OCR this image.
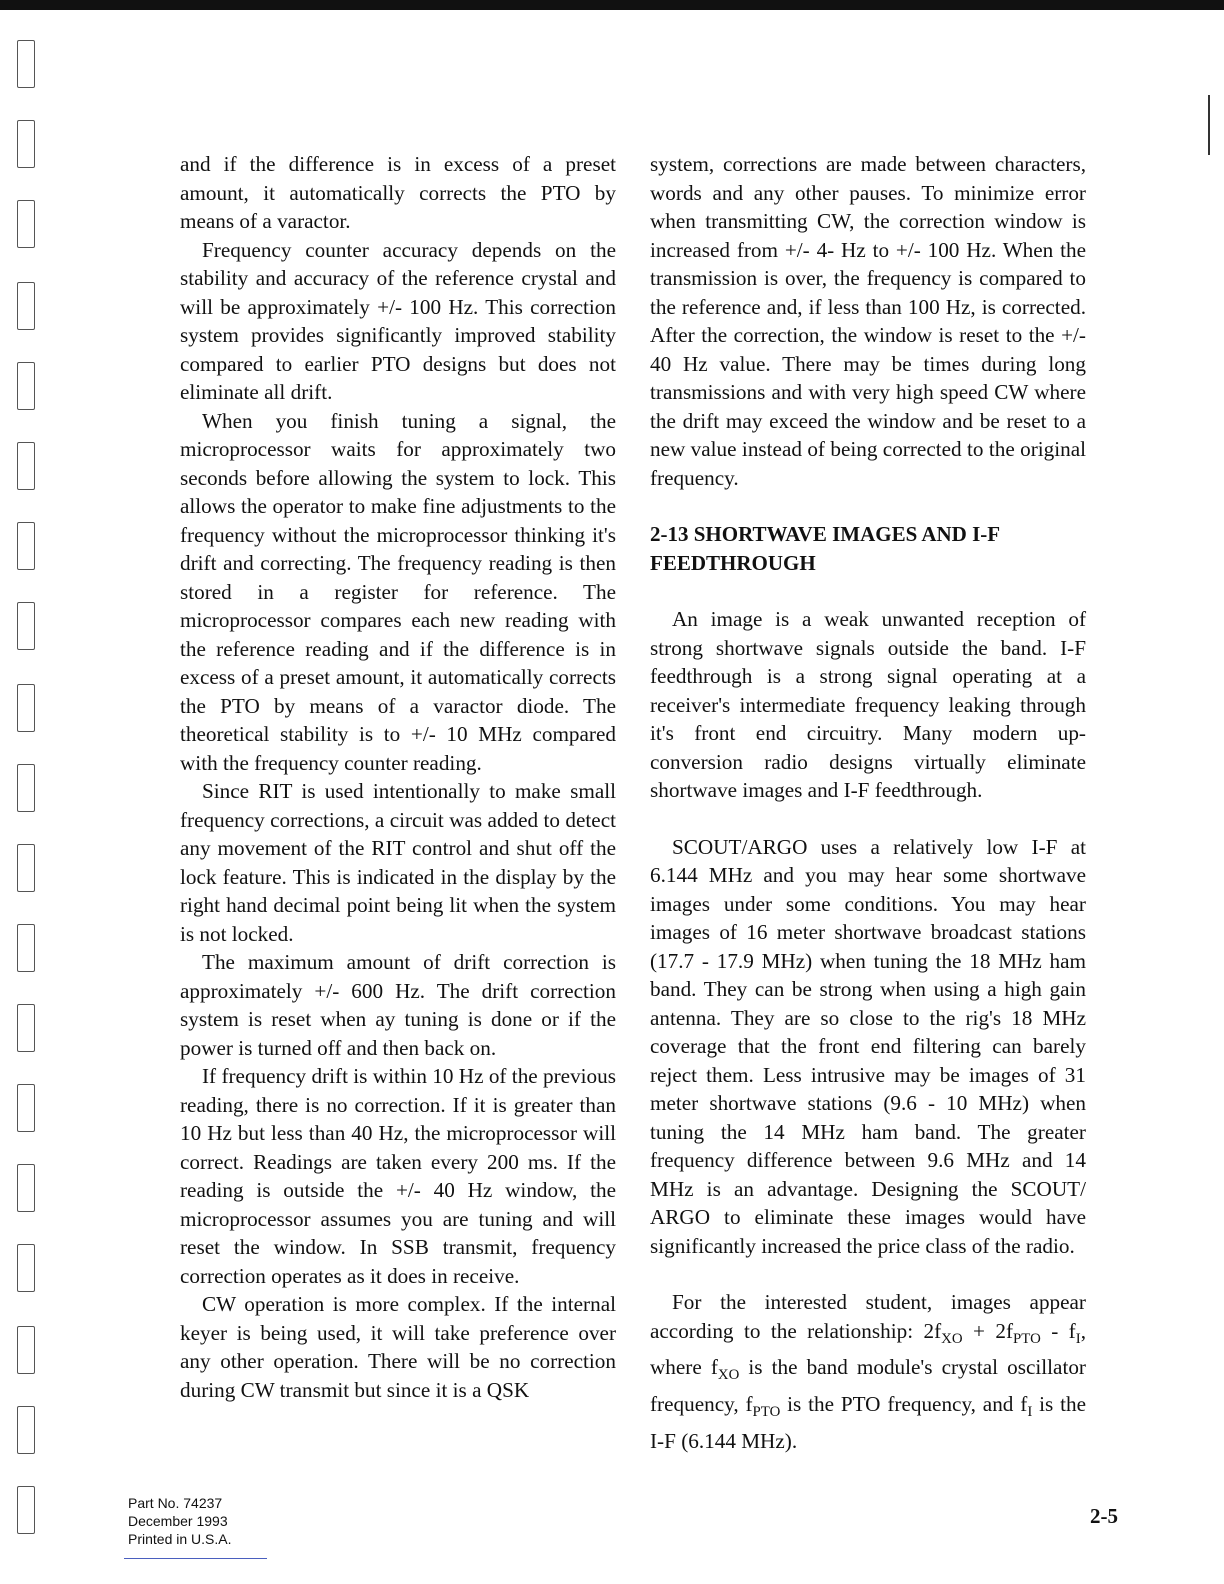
and if the difference is in excess of a preset amount, it automatically corrects the PTO by means of a varactor.

Frequency counter accuracy depends on the stability and accuracy of the reference crystal and will be approximately +/- 100 Hz. This correction system provides significantly improved stability compared to earlier PTO designs but does not eliminate all drift.

When you finish tuning a signal, the microprocessor waits for approximately two seconds before allowing the system to lock. This allows the operator to make fine adjustments to the frequency without the microprocessor thinking it's drift and correcting. The frequency reading is then stored in a register for reference. The microprocessor compares each new reading with the reference reading and if the difference is in excess of a preset amount, it automatically corrects the PTO by means of a varactor diode. The theoretical stability is to +/- 10 MHz compared with the frequency counter reading.

Since RIT is used intentionally to make small frequency corrections, a circuit was added to detect any movement of the RIT control and shut off the lock feature. This is indicated in the display by the right hand decimal point being lit when the system is not locked.

The maximum amount of drift correction is approximately +/- 600 Hz. The drift correction system is reset when ay tuning is done or if the power is turned off and then back on.

If frequency drift is within 10 Hz of the previous reading, there is no correction. If it is greater than 10 Hz but less than 40 Hz, the microprocessor will correct. Readings are taken every 200 ms. If the reading is outside the +/- 40 Hz window, the microprocessor assumes you are tuning and will reset the window. In SSB transmit, frequency correction operates as it does in receive.

CW operation is more complex. If the internal keyer is being used, it will take preference over any other operation. There will be no correction during CW transmit but since it is a QSK

system, corrections are made between characters, words and any other pauses. To minimize error when transmitting CW, the correction window is increased from +/- 4- Hz to +/- 100 Hz. When the transmission is over, the frequency is compared to the reference and, if less than 100 Hz, is corrected. After the correction, the window is reset to the +/- 40 Hz value. There may be times during long transmissions and with very high speed CW where the drift may exceed the window and be reset to a new value instead of being corrected to the original frequency.

2-13 SHORTWAVE IMAGES AND I-F FEEDTHROUGH

An image is a weak unwanted reception of strong shortwave signals outside the band. I-F feedthrough is a strong signal operating at a receiver's intermediate frequency leaking through it's front end circuitry. Many modern up-conversion radio designs virtually eliminate shortwave images and I-F feedthrough.

SCOUT/ARGO uses a relatively low I-F at 6.144 MHz and you may hear some shortwave images under some conditions. You may hear images of 16 meter shortwave broadcast stations (17.7 - 17.9 MHz) when tuning the 18 MHz ham band. They can be strong when using a high gain antenna. They are so close to the rig's 18 MHz coverage that the front end filtering can barely reject them. Less intrusive may be images of 31 meter shortwave stations (9.6 - 10 MHz) when tuning the 14 MHz ham band. The greater frequency difference between 9.6 MHz and 14 MHz is an advantage. Designing the SCOUT/ ARGO to eliminate these images would have significantly increased the price class of the radio.

For the interested student, images appear according to the relationship: $2f_{XO} + 2f_{PTO} - f_I$, where $f_{XO}$ is the band module's crystal oscillator frequency, $f_{PTO}$ is the PTO frequency, and $f_I$ is the I-F (6.144 MHz).

Part No. 74237
December 1993
Printed in U.S.A.
2-5
